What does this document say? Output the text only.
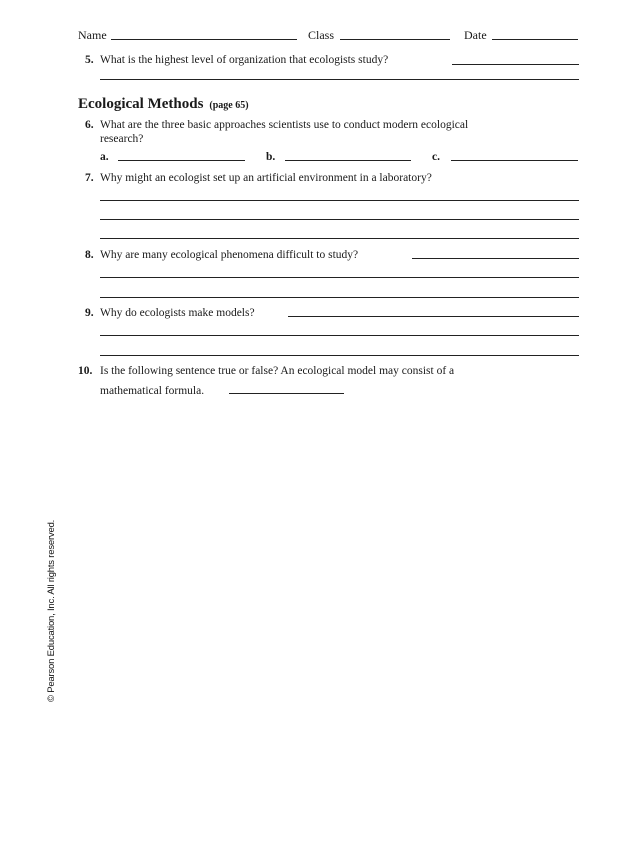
Name	Class	Date
5. What is the highest level of organization that ecologists study?
Ecological Methods (page 65)
6. What are the three basic approaches scientists use to conduct modern ecological
research?
a.	b.	c.
7. Why might an ecologist set up an artificial environment in a laboratory?
8. Why are many ecological phenomena difficult to study?
9. Why do ecologists make models?
10. Is the following sentence true or false? An ecological model may consist of a
mathematical formula.
© Pearson Education, Inc. All rights reserved.
